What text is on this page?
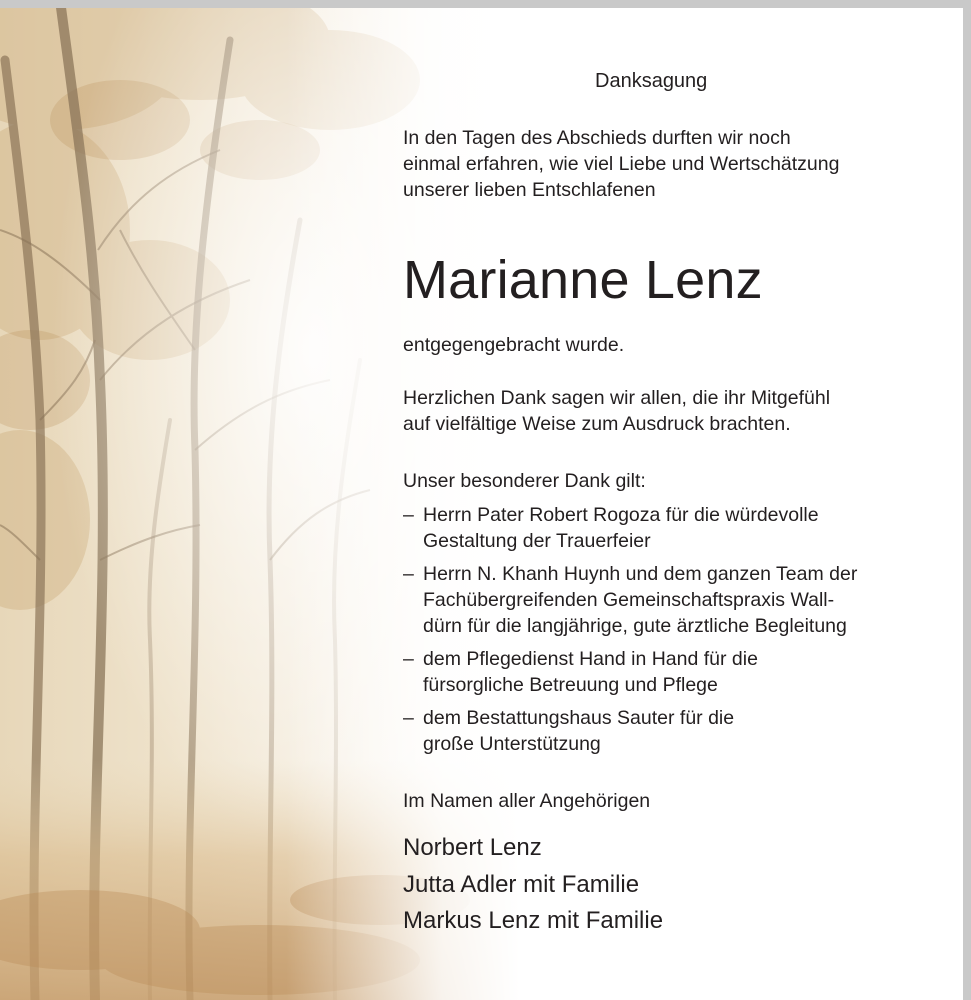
Danksagung
In den Tagen des Abschieds durften wir noch
einmal erfahren, wie viel Liebe und Wertschätzung
unserer lieben Entschlafenen
Marianne Lenz
entgegengebracht wurde.
Herzlichen Dank sagen wir allen, die ihr Mitgefühl
auf vielfältige Weise zum Ausdruck brachten.
Unser besonderer Dank gilt:
– Herrn Pater Robert Rogoza für die würdevolle
Gestaltung der Trauerfeier
– Herrn N. Khanh Huynh und dem ganzen Team der
Fachübergreifenden Gemeinschaftspraxis Wall-
dürn für die langjährige, gute ärztliche Begleitung
– dem Pflegedienst Hand in Hand für die
fürsorgliche Betreuung und Pflege
– dem Bestattungshaus Sauter für die
große Unterstützung
Im Namen aller Angehörigen
Norbert Lenz
Jutta Adler mit Familie
Markus Lenz mit Familie
